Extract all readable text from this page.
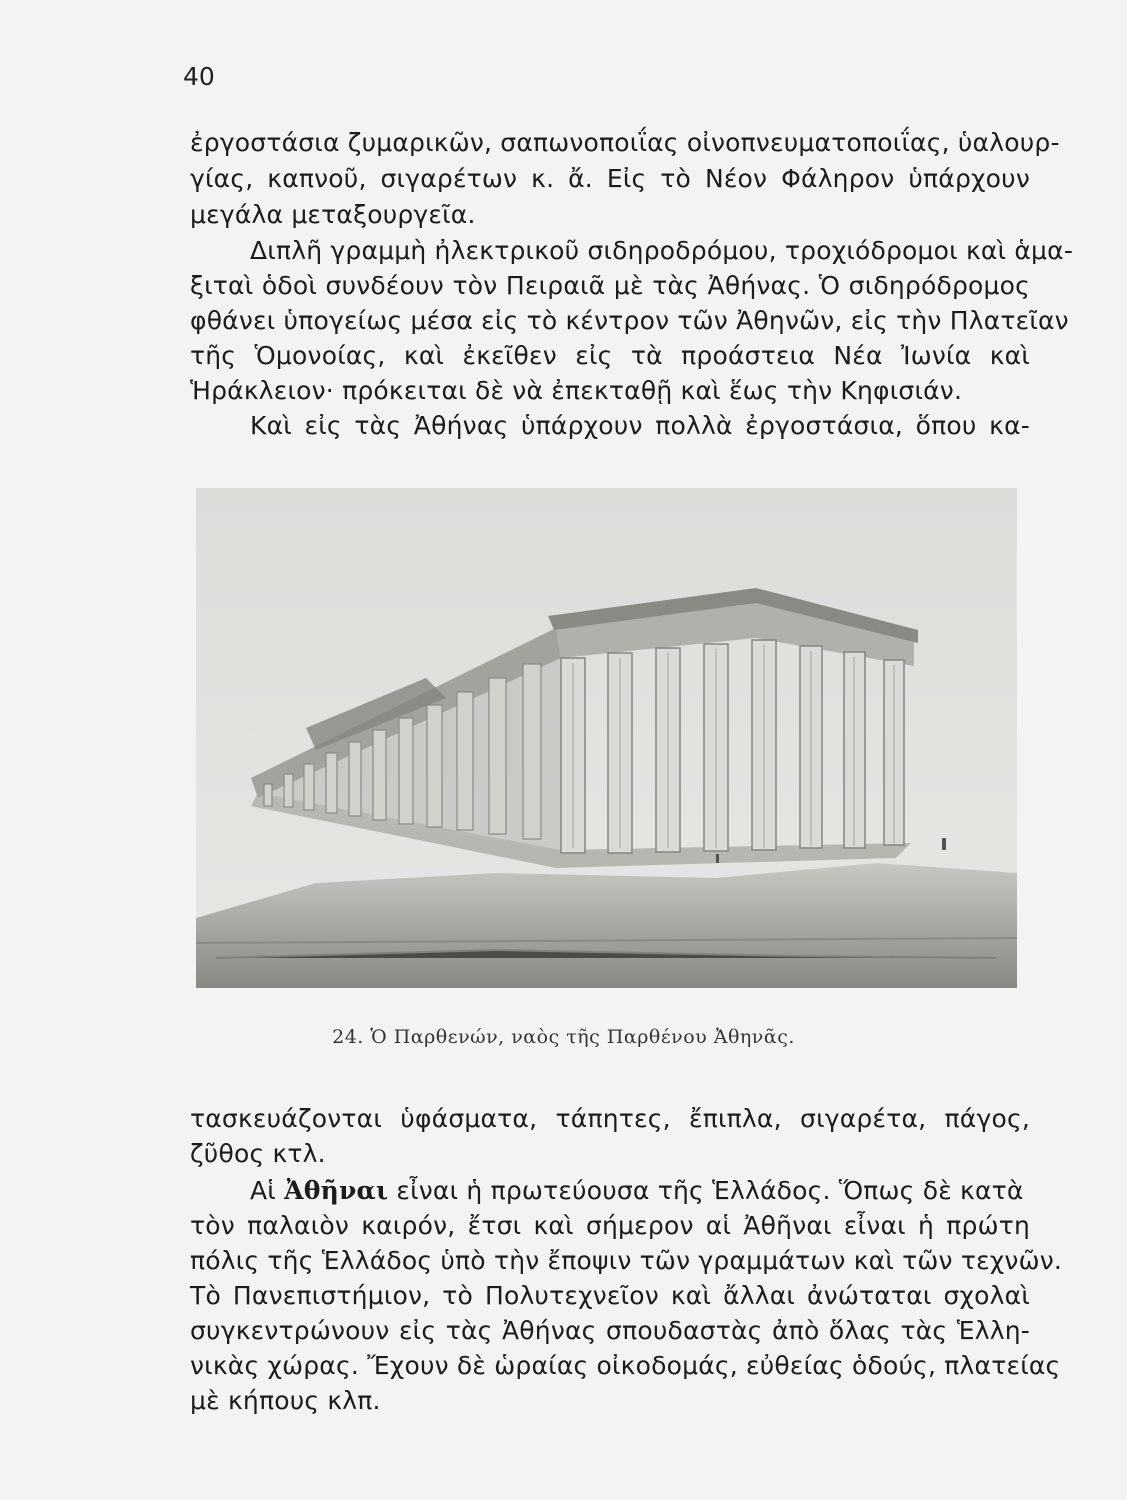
40
ἐργοστάσια ζυμαρικῶν, σαπωνοποιΐας οἰνοπνευματοποιΐας, ὑαλουρ-
γίας, καπνοῦ, σιγαρέτων κ. ἄ. Εἰς τὸ Νέον Φάληρον ὑπάρχουν
μεγάλα μεταξουργεῖα.
Διπλῆ γραμμὴ ἠλεκτρικοῦ σιδηροδρόμου, τροχιόδρομοι καὶ ἁμα-
ξιταὶ ὁδοὶ συνδέουν τὸν Πειραιᾶ μὲ τὰς Ἀθήνας. Ὁ σιδηρόδρομος
φθάνει ὑπογείως μέσα εἰς τὸ κέντρον τῶν Ἀθηνῶν, εἰς τὴν Πλατεῖαν
τῆς Ὁμονοίας, καὶ ἐκεῖθεν εἰς τὰ προάστεια Νέα Ἰωνία καὶ
Ἡράκλειον· πρόκειται δὲ νὰ ἐπεκταθῇ καὶ ἕως τὴν Κηφισιάν.
Καὶ εἰς τὰς Ἀθήνας ὑπάρχουν πολλὰ ἐργοστάσια, ὅπου κα-
24. Ὁ Παρθενών, ναὸς τῆς Παρθένου Ἀθηνᾶς.
τασκευάζονται ὑφάσματα, τάπητες, ἔπιπλα, σιγαρέτα, πάγος,
ζῦθος κτλ.
Αἱ Ἀθῆναι εἶναι ἡ πρωτεύουσα τῆς Ἑλλάδος. Ὅπως δὲ κατὰ
τὸν παλαιὸν καιρόν, ἔτσι καὶ σήμερον αἱ Ἀθῆναι εἶναι ἡ πρώτη
πόλις τῆς Ἑλλάδος ὑπὸ τὴν ἔποψιν τῶν γραμμάτων καὶ τῶν τεχνῶν.
Τὸ Πανεπιστήμιον, τὸ Πολυτεχνεῖον καὶ ἄλλαι ἀνώταται σχολαὶ
συγκεντρώνουν εἰς τὰς Ἀθήνας σπουδαστὰς ἀπὸ ὅλας τὰς Ἑλλη-
νικὰς χώρας. Ἔχουν δὲ ὡραίας οἰκοδομάς, εὐθείας ὁδούς, πλατείας
μὲ κήπους κλπ.
